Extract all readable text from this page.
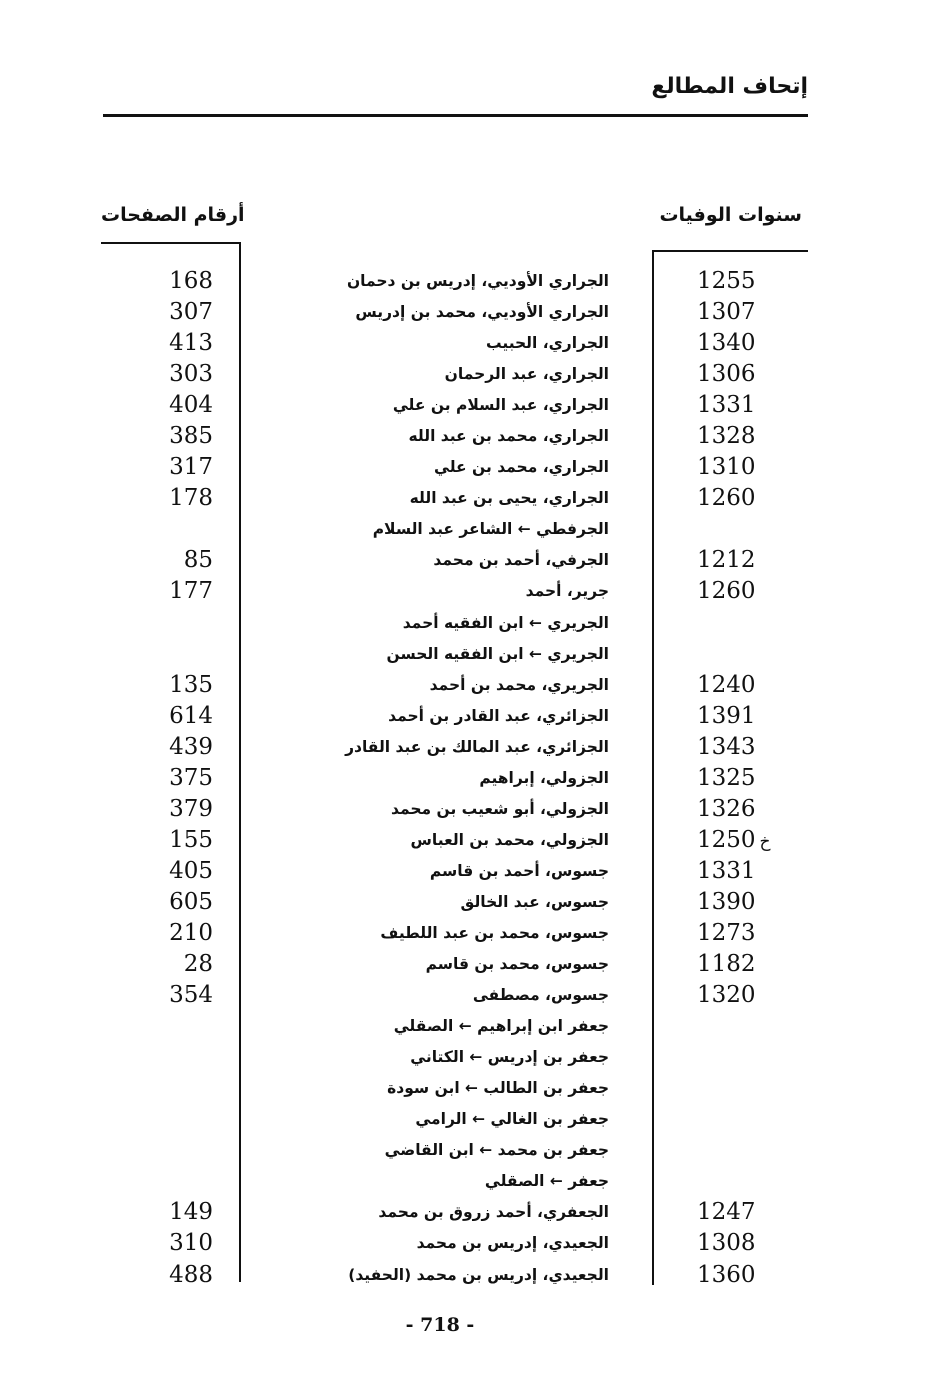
إتحاف المطالع
سنوات الوفيات
أرقام الصفحات
168	الجراري الأوديي، إدريس بن دحمان	1255
307	الجراري الأوديي، محمد بن إدريس	1307
413	الجراري، الحبيب	1340
303	الجراري، عبد الرحمان	1306
404	الجراري، عبد السلام بن علي	1331
385	الجراري، محمد بن عبد الله	1328
317	الجراري، محمد بن علي	1310
178	الجراري، يحيى بن عبد الله	1260
الجرفطي ← الشاعر عبد السلام
85	الجرفي، أحمد بن محمد	1212
177	جرير، أحمد	1260
الجريري ← ابن الفقيه أحمد
الجريري ← ابن الفقيه الحسن
135	الجريري، محمد بن أحمد	1240
614	الجزائري، عبد القادر بن أحمد	1391
439	الجزائري، عبد المالك بن عبد القادر	1343
375	الجزولي، إبراهيم	1325
379	الجزولي، أبو شعيب بن محمد	1326
155	الجزولي، محمد بن العباس	1250 خ
405	جسوس، أحمد بن قاسم	1331
605	جسوس، عبد الخالق	1390
210	جسوس، محمد بن عبد اللطيف	1273
28	جسوس، محمد بن قاسم	1182
354	جسوس، مصطفى	1320
جعفر ابن إبراهيم ← الصقلي
جعفر بن إدريس ← الكتاني
جعفر بن الطالب ← ابن سودة
جعفر بن الغالي ← الرامي
جعفر بن محمد ← ابن القاضي
جعفر ← الصقلي
149	الجعفري، أحمد زروق بن محمد	1247
310	الجعيدي، إدريس بن محمد	1308
488	الجعيدي، إدريس بن محمد (الحفيد)	1360
- 718 -
